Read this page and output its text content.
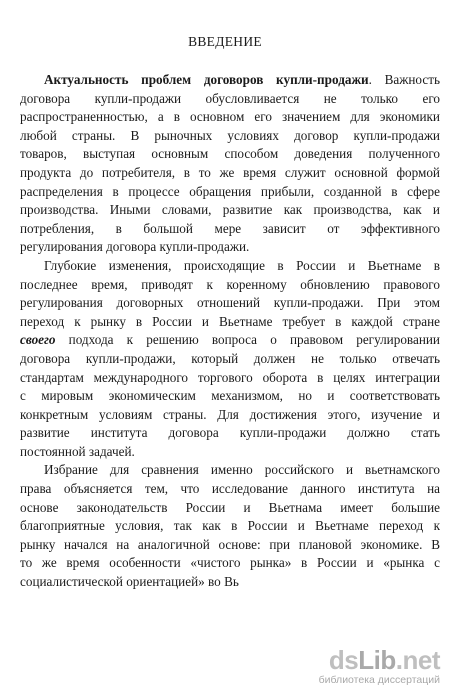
ВВЕДЕНИЕ
Актуальность проблем договоров купли-продажи. Важность
договора купли-продажи обусловливается не только его
распространенностью, а в основном его значением для экономики
любой страны. В рыночных условиях договор купли-продажи
товаров, выступая основным способом доведения полученного
продукта до потребителя, в то же время служит основной формой
распределения в процессе обращения прибыли, созданной в сфере
производства. Иными словами, развитие как производства, как и
потребления, в большой мере зависит от эффективного
регулирования договора купли-продажи.
Глубокие изменения, происходящие в России и Вьетнаме в
последнее время, приводят к коренному обновлению правового
регулирования договорных отношений купли-продажи. При этом
переход к рынку в России и Вьетнаме требует в каждой стране
своего подхода к решению вопроса о правовом регулировании
договора купли-продажи, который должен не только отвечать
стандартам международного торгового оборота в целях интеграции
с мировым экономическим механизмом, но и соответствовать
конкретным условиям страны. Для достижения этого, изучение и
развитие института договора купли-продажи должно стать
постоянной задачей.
Избрание для сравнения именно российского и вьетнамского
права объясняется тем, что исследование данного института на
основе законодательств России и Вьетнама имеет большие
благоприятные условия, так как в России и Вьетнаме переход к
рынку начался на аналогичной основе: при плановой экономике. В
то же время особенности «чистого рынка» в России и «рынка с
социалистической ориентацией» во Вь
dsLib.net
библиотека диссертаций
